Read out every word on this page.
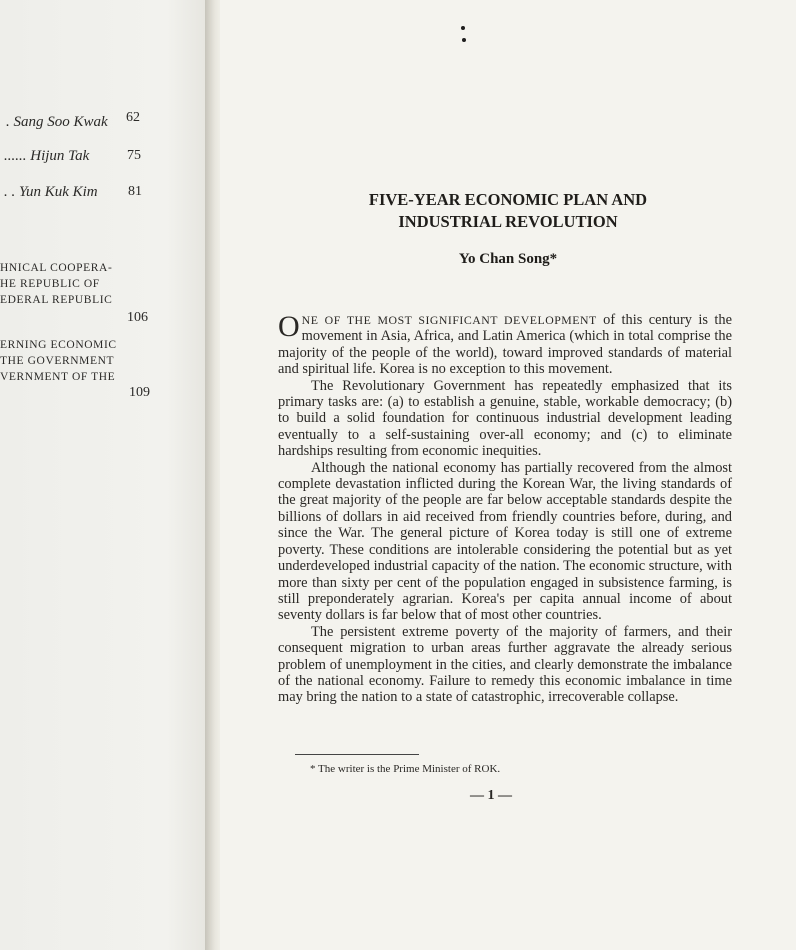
. Sang Soo Kwak 62
...... Hijun Tak	75
. . Yun Kuk Kim 81
HNICAL COOPERA-
HE REPUBLIC OF
EDERAL REPUBLIC
106
ERNING ECONOMIC
THE GOVERNMENT
VERNMENT OF THE
109
FIVE-YEAR ECONOMIC PLAN AND
INDUSTRIAL REVOLUTION
Yo Chan Song*

ONE OF THE MOST SIGNIFICANT DEVELOPMENT of this century is the movement in Asia, Africa, and Latin America (which in total comprise the majority of the people of the world), toward improved standards of material and spiritual life. Korea is no exception to this movement.

The Revolutionary Government has repeatedly emphasized that its primary tasks are: (a) to establish a genuine, stable, workable democracy; (b) to build a solid foundation for continuous industrial development leading eventually to a self-sustaining over-all economy; and (c) to eliminate hardships resulting from economic inequities.

Although the national economy has partially recovered from the almost complete devastation inflicted during the Korean War, the living standards of the great majority of the people are far below acceptable standards despite the billions of dollars in aid received from friendly countries before, during, and since the War. The general picture of Korea today is still one of extreme poverty. These conditions are intolerable considering the potential but as yet underdeveloped industrial capacity of the nation. The economic structure, with more than sixty per cent of the population engaged in subsistence farming, is still preponderately agrarian. Korea's per capita annual income of about seventy dollars is far below that of most other countries.

The persistent extreme poverty of the majority of farmers, and their consequent migration to urban areas further aggravate the already serious problem of unemployment in the cities, and clearly demonstrate the imbalance of the national economy. Failure to remedy this economic imbalance in time may bring the nation to a state of catastrophic, irrecoverable collapse.

* The writer is the Prime Minister of ROK.
— 1 —
